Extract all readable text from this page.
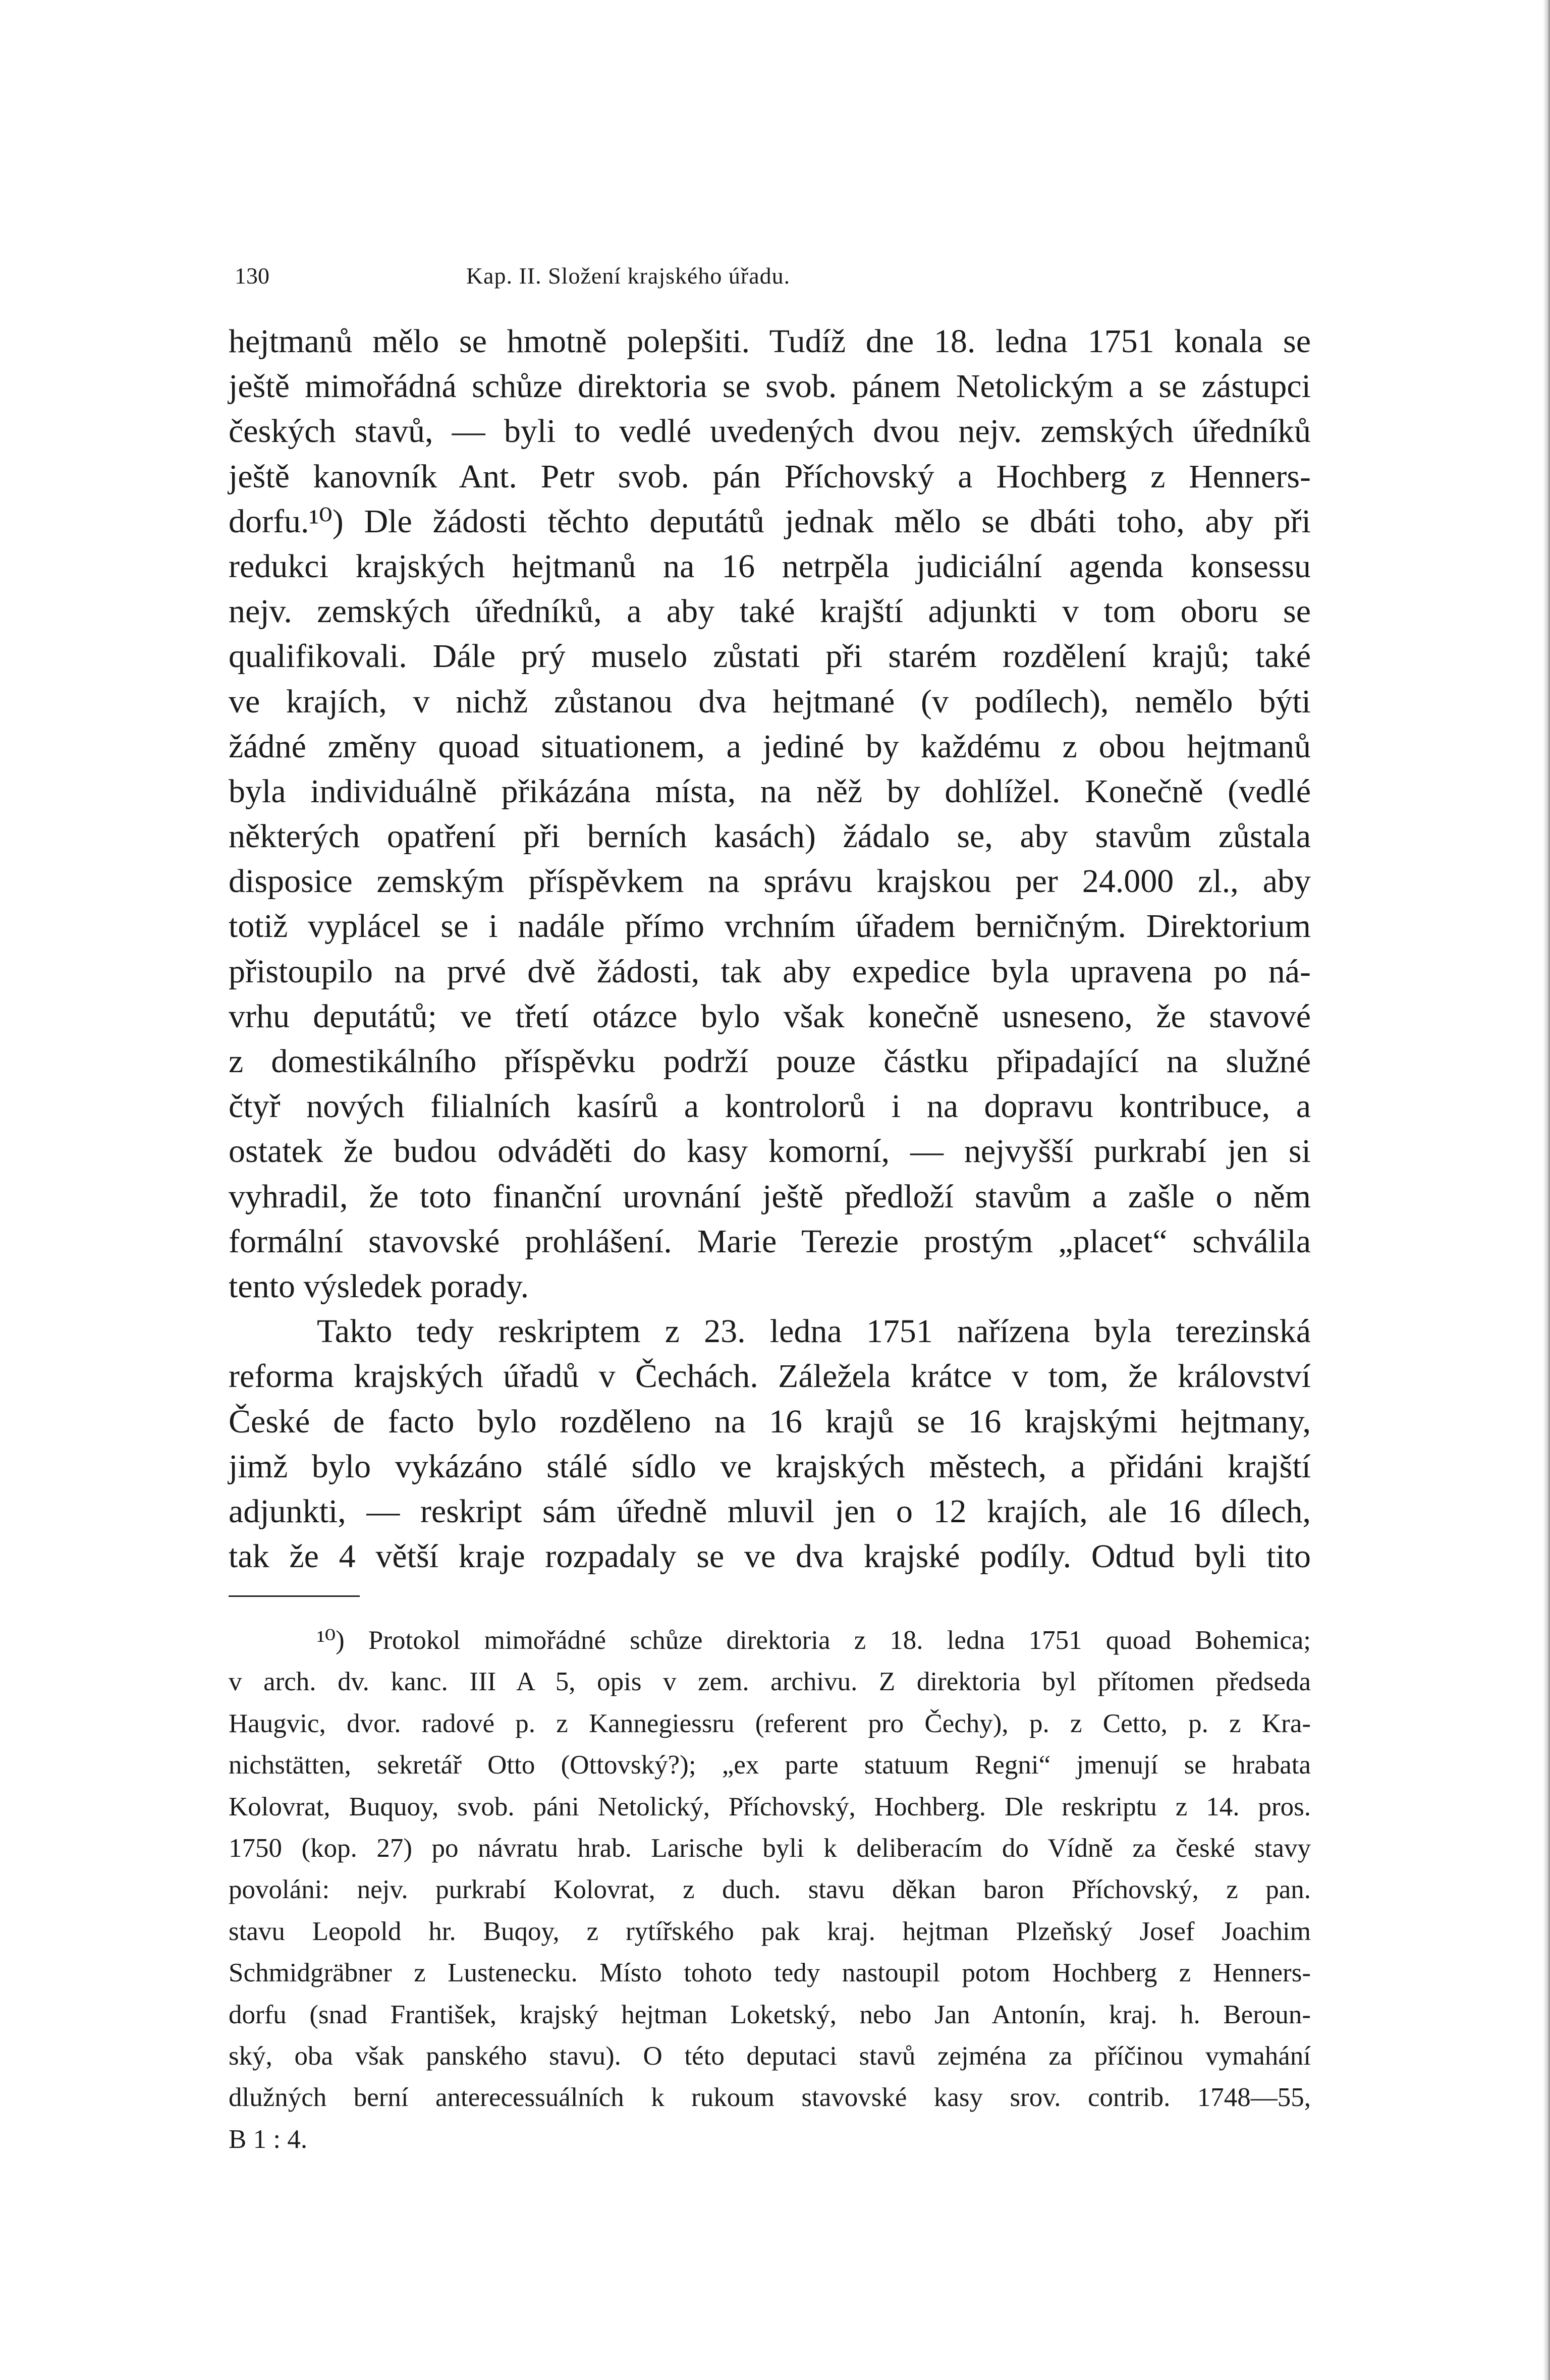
130	Kap. II. Složení krajského úřadu.
hejtmanů mělo se hmotně polepšiti. Tudíž dne 18. ledna 1751 konala se
ještě mimořádná schůze direktoria se svob. pánem Netolickým a se zástupci
českých stavů, — byli to vedlé uvedených dvou nejv. zemských úředníků
ještě kanovník Ant. Petr svob. pán Příchovský a Hochberg z Henners-
dorfu.¹⁰) Dle žádosti těchto deputátů jednak mělo se dbáti toho, aby při
redukci krajských hejtmanů na 16 netrpěla judiciální agenda konsessu
nejv. zemských úředníků, a aby také krajští adjunkti v tom oboru se
qualifikovali. Dále prý muselo zůstati při starém rozdělení krajů; také
ve krajích, v nichž zůstanou dva hejtmané (v podílech), nemělo býti
žádné změny quoad situationem, a jediné by každému z obou hejtmanů
byla individuálně přikázána místa, na něž by dohlížel. Konečně (vedlé
některých opatření při berních kasách) žádalo se, aby stavům zůstala
disposice zemským příspěvkem na správu krajskou per 24.000 zl., aby
totiž vyplácel se i nadále přímo vrchním úřadem berničným. Direktorium
přistoupilo na prvé dvě žádosti, tak aby expedice byla upravena po ná-
vrhu deputátů; ve třetí otázce bylo však konečně usneseno, že stavové
z domestikálního příspěvku podrží pouze částku připadající na služné
čtyř nových filialních kasírů a kontrolorů i na dopravu kontribuce, a
ostatek že budou odváděti do kasy komorní, — nejvyšší purkrabí jen si
vyhradil, že toto finanční urovnání ještě předloží stavům a zašle o něm
formální stavovské prohlášení. Marie Terezie prostým „placet“ schválila
tento výsledek porady.
Takto tedy reskriptem z 23. ledna 1751 nařízena byla terezinská
reforma krajských úřadů v Čechách. Záležela krátce v tom, že království
České de facto bylo rozděleno na 16 krajů se 16 krajskými hejtmany,
jimž bylo vykázáno stálé sídlo ve krajských městech, a přidáni krajští
adjunkti, — reskript sám úředně mluvil jen o 12 krajích, ale 16 dílech,
tak že 4 větší kraje rozpadaly se ve dva krajské podíly. Odtud byli tito
¹⁰) Protokol mimořádné schůze direktoria z 18. ledna 1751 quoad Bohemica;
v arch. dv. kanc. III A 5, opis v zem. archivu. Z direktoria byl přítomen předseda
Haugvic, dvor. radové p. z Kannegiessru (referent pro Čechy), p. z Cetto, p. z Kra-
nichstätten, sekretář Otto (Ottovský?); „ex parte statuum Regni“ jmenují se hrabata
Kolovrat, Buquoy, svob. páni Netolický, Příchovský, Hochberg. Dle reskriptu z 14. pros.
1750 (kop. 27) po návratu hrab. Larische byli k deliberacím do Vídně za české stavy
povoláni: nejv. purkrabí Kolovrat, z duch. stavu děkan baron Příchovský, z pan.
stavu Leopold hr. Buqoy, z rytířského pak kraj. hejtman Plzeňský Josef Joachim
Schmidgräbner z Lustenecku. Místo tohoto tedy nastoupil potom Hochberg z Henners-
dorfu (snad František, krajský hejtman Loketský, nebo Jan Antonín, kraj. h. Beroun-
ský, oba však panského stavu). O této deputaci stavů zejména za příčinou vymahání
dlužných berní anterecessuálních k rukoum stavovské kasy srov. contrib. 1748—55,
B 1 : 4.
